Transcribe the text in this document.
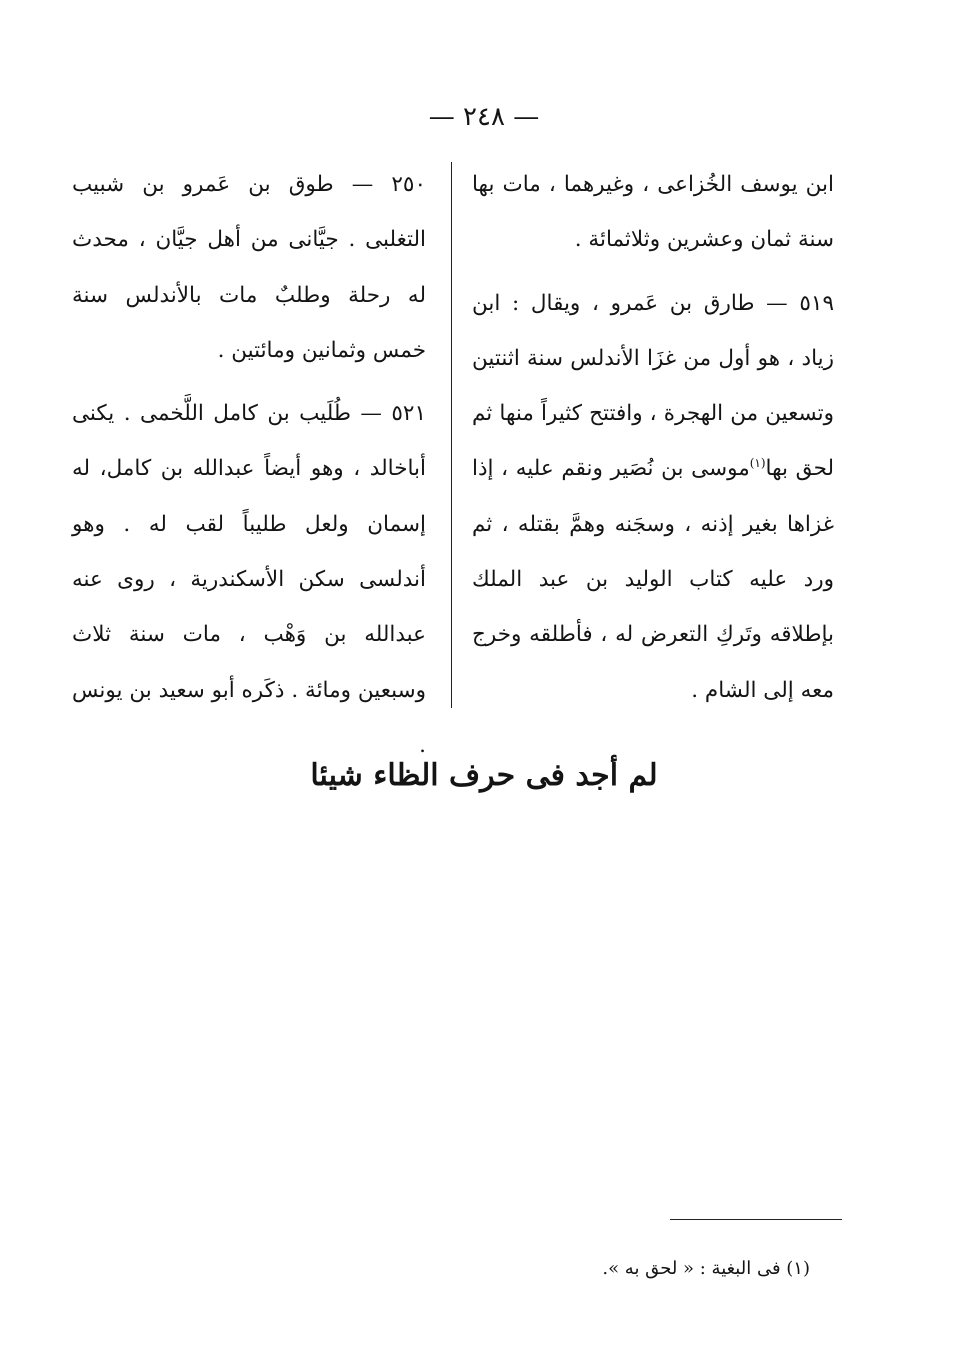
— ٢٤٨ —

ابن يوسف الخُزاعى ، وغيرهما ، مات بها سنة ثمان وعشرين وثلاثمائة .

٥١٩ — طارق بن عَمرو ، ويقال : ابن زياد ، هو أول من غزَا الأندلس سنة اثنتين وتسعين من الهجرة ، وافتتح كثيراً منها ثم لحق بها$^{(١)}$موسى بن نُصَير ونقم عليه ، إذا غزاها بغير إذنه ، وسجَنه وهمَّ بقتله ، ثم ورد عليه كتاب الوليد بن عبد الملك بإطلاقه وتَركِ التعرض له ، فأطلقه وخرج معه إلى الشام .

٢٥٠ — طوق بن عَمرو بن شبيب التغلبى . جيَّانى من أهل جيَّان ، محدث له رحلة وطلبٌ مات بالأندلس سنة خمس وثمانين ومائتين .

٥٢١ — طُلَيب بن كامل اللَّخمى . يكنى أباخالد ، وهو أيضاً عبدالله بن كامل، له إسمان ولعل طليباً لقب له . وهو أندلسى سكن الأسكندرية ، روى عنه عبدالله بن وَهْب ، مات سنة ثلاث وسبعين ومائة . ذكَره أبو سعيد بن يونس .

لم أجد فى حرف الظاء شيئا
(١) فى البغية : « لحق به ».
